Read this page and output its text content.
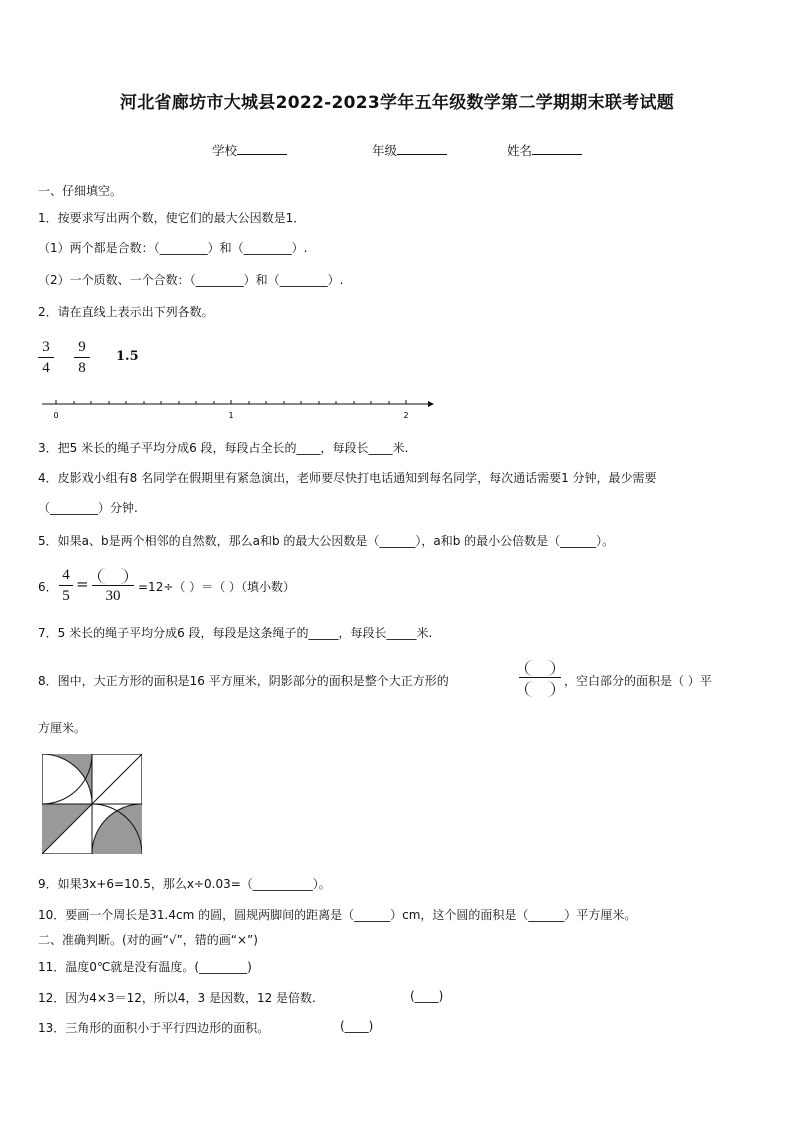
河北省廊坊市大城县2022-2023学年五年级数学第二学期期末联考试题
学校	年级	姓名
一、仔细填空。
1．按要求写出两个数，使它们的最大公因数是1．
（1）两个都是合数：（________）和（________）.
（2）一个质数、一个合数：（________）和（________）.
2．请在直线上表示出下列各数。
3
4
9
8
1.5
0	1	2
3．把5 米长的绳子平均分成6 段，每段占全长的____，每段长____米.
4．皮影戏小组有8 名同学在假期里有紧急演出，老师要尽快打电话通知到每名同学，每次通话需要1 分钟，最少需要
（________）分钟.
5．如果a、b是两个相邻的自然数，那么a和b 的最大公因数是（______），a和b 的最小公倍数是（______）。
6．
4
5
=
30
=12÷（ ）＝（ ）（填小数）
7．5 米长的绳子平均分成6 段，每段是这条绳子的_____，每段长_____米.
8．图中，大正方形的面积是16 平方厘米，阴影部分的面积是整个大正方形的	，空白部分的面积是（ ）平
方厘米。
9．如果3x+6=10.5，那么x÷0.03=（__________）。
10．要画一个周长是31.4cm 的圆，圆规两脚间的距离是（______）cm，这个圆的面积是（______）平方厘米。
二、准确判断。(对的画“√”，错的画“×”)
11．温度0℃就是没有温度。(________)
12．因为4×3＝12，所以4，3 是因数，12 是倍数.	(____)
13．三角形的面积小于平行四边形的面积。	(____)
